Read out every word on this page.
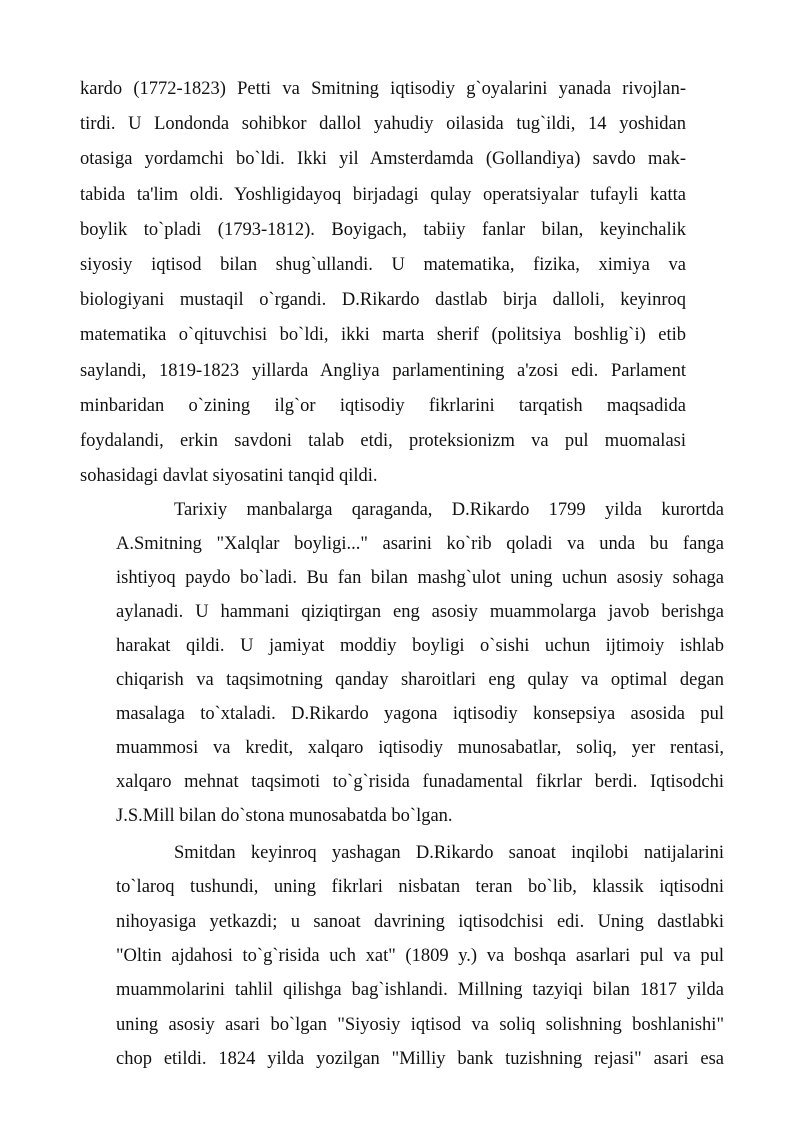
kardo (1772-1823) Petti va Smitning iqtisodiy g`oyalarini yanada rivojlan-
tirdi. U Londonda sohibkor dallol yahudiy oilasida tug`ildi, 14 yoshidan
otasiga yordamchi bo`ldi. Ikki yil Amsterdamda (Gollandiya) savdo mak-
tabida ta'lim oldi. Yoshligidayoq birjadagi qulay operatsiyalar tufayli katta
boylik to`pladi (1793-1812). Boyigach, tabiiy fanlar bilan, keyinchalik
siyosiy iqtisod bilan shug`ullandi. U matematika, fizika, ximiya va
biologiyani mustaqil o`rgandi. D.Rikardo dastlab birja dalloli, keyinroq
matematika o`qituvchisi bo`ldi, ikki marta sherif (politsiya boshlig`i) etib
saylandi, 1819-1823 yillarda Angliya parlamentining a'zosi edi. Parlament
minbaridan o`zining ilg`or iqtisodiy fikrlarini tarqatish maqsadida
foydalandi, erkin savdoni talab etdi, proteksionizm va pul muomalasi
sohasidagi davlat siyosatini tanqid qildi.
Tarixiy manbalarga qaraganda, D.Rikardo 1799 yilda kurortda
A.Smitning "Xalqlar boyligi..." asarini ko`rib qoladi va unda bu fanga
ishtiyoq paydo bo`ladi. Bu fan bilan mashg`ulot uning uchun asosiy sohaga
aylanadi. U hammani qiziqtirgan eng asosiy muammolarga javob berishga
harakat qildi. U jamiyat moddiy boyligi o`sishi uchun ijtimoiy ishlab
chiqarish va taqsimotning qanday sharoitlari eng qulay va optimal degan
masalaga to`xtaladi. D.Rikardo yagona iqtisodiy konsepsiya asosida pul
muammosi va kredit, xalqaro iqtisodiy munosabatlar, soliq, yer rentasi,
xalqaro mehnat taqsimoti to`g`risida funadamental fikrlar berdi. Iqtisodchi
J.S.Mill bilan do`stona munosabatda bo`lgan.
Smitdan keyinroq yashagan D.Rikardo sanoat inqilobi natijalarini
to`laroq tushundi, uning fikrlari nisbatan teran bo`lib, klassik iqtisodni
nihoyasiga yetkazdi; u sanoat davrining iqtisodchisi edi. Uning dastlabki
"Oltin ajdahosi to`g`risida uch xat" (1809 y.) va boshqa asarlari pul va pul
muammolarini tahlil qilishga bag`ishlandi. Millning tazyiqi bilan 1817 yilda
uning asosiy asari bo`lgan "Siyosiy iqtisod va soliq solishning boshlanishi"
chop etildi. 1824 yilda yozilgan "Milliy bank tuzishning rejasi" asari esa
